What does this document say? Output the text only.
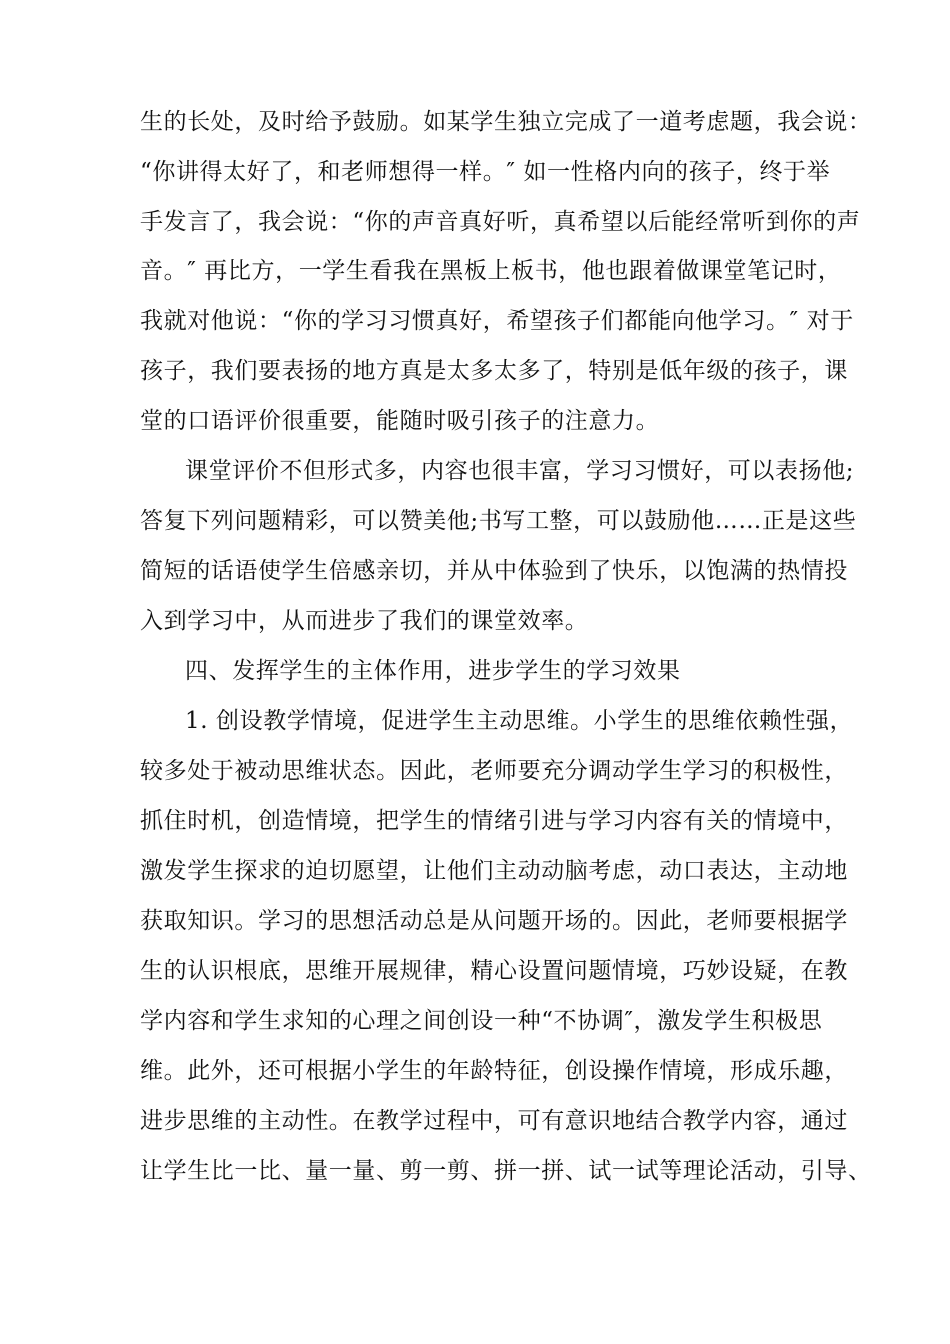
生的长处，及时给予鼓励。如某学生独立完成了一道考虑题，我会说：
“你讲得太好了，和老师想得一样。″ 如一性格内向的孩子，终于举
手发言了，我会说：“你的声音真好听，真希望以后能经常听到你的声
音。″ 再比方，一学生看我在黑板上板书，他也跟着做课堂笔记时，
我就对他说：“你的学习习惯真好，希望孩子们都能向他学习。″ 对于
孩子，我们要表扬的地方真是太多太多了，特别是低年级的孩子，课
堂的口语评价很重要，能随时吸引孩子的注意力。
课堂评价不但形式多，内容也很丰富，学习习惯好，可以表扬他;
答复下列问题精彩，可以赞美他;书写工整，可以鼓励他……正是这些
简短的话语使学生倍感亲切，并从中体验到了快乐，以饱满的热情投
入到学习中，从而进步了我们的课堂效率。
四、发挥学生的主体作用，进步学生的学习效果
1. 创设教学情境，促进学生主动思维。小学生的思维依赖性强，
较多处于被动思维状态。因此，老师要充分调动学生学习的积极性，
抓住时机，创造情境，把学生的情绪引进与学习内容有关的情境中，
激发学生探求的迫切愿望，让他们主动动脑考虑，动口表达，主动地
获取知识。学习的思想活动总是从问题开场的。因此，老师要根据学
生的认识根底，思维开展规律，精心设置问题情境，巧妙设疑，在教
学内容和学生求知的心理之间创设一种“不协调″，激发学生积极思
维。此外，还可根据小学生的年龄特征，创设操作情境，形成乐趣，
进步思维的主动性。在教学过程中，可有意识地结合教学内容，通过
让学生比一比、量一量、剪一剪、拼一拼、试一试等理论活动，引导、
